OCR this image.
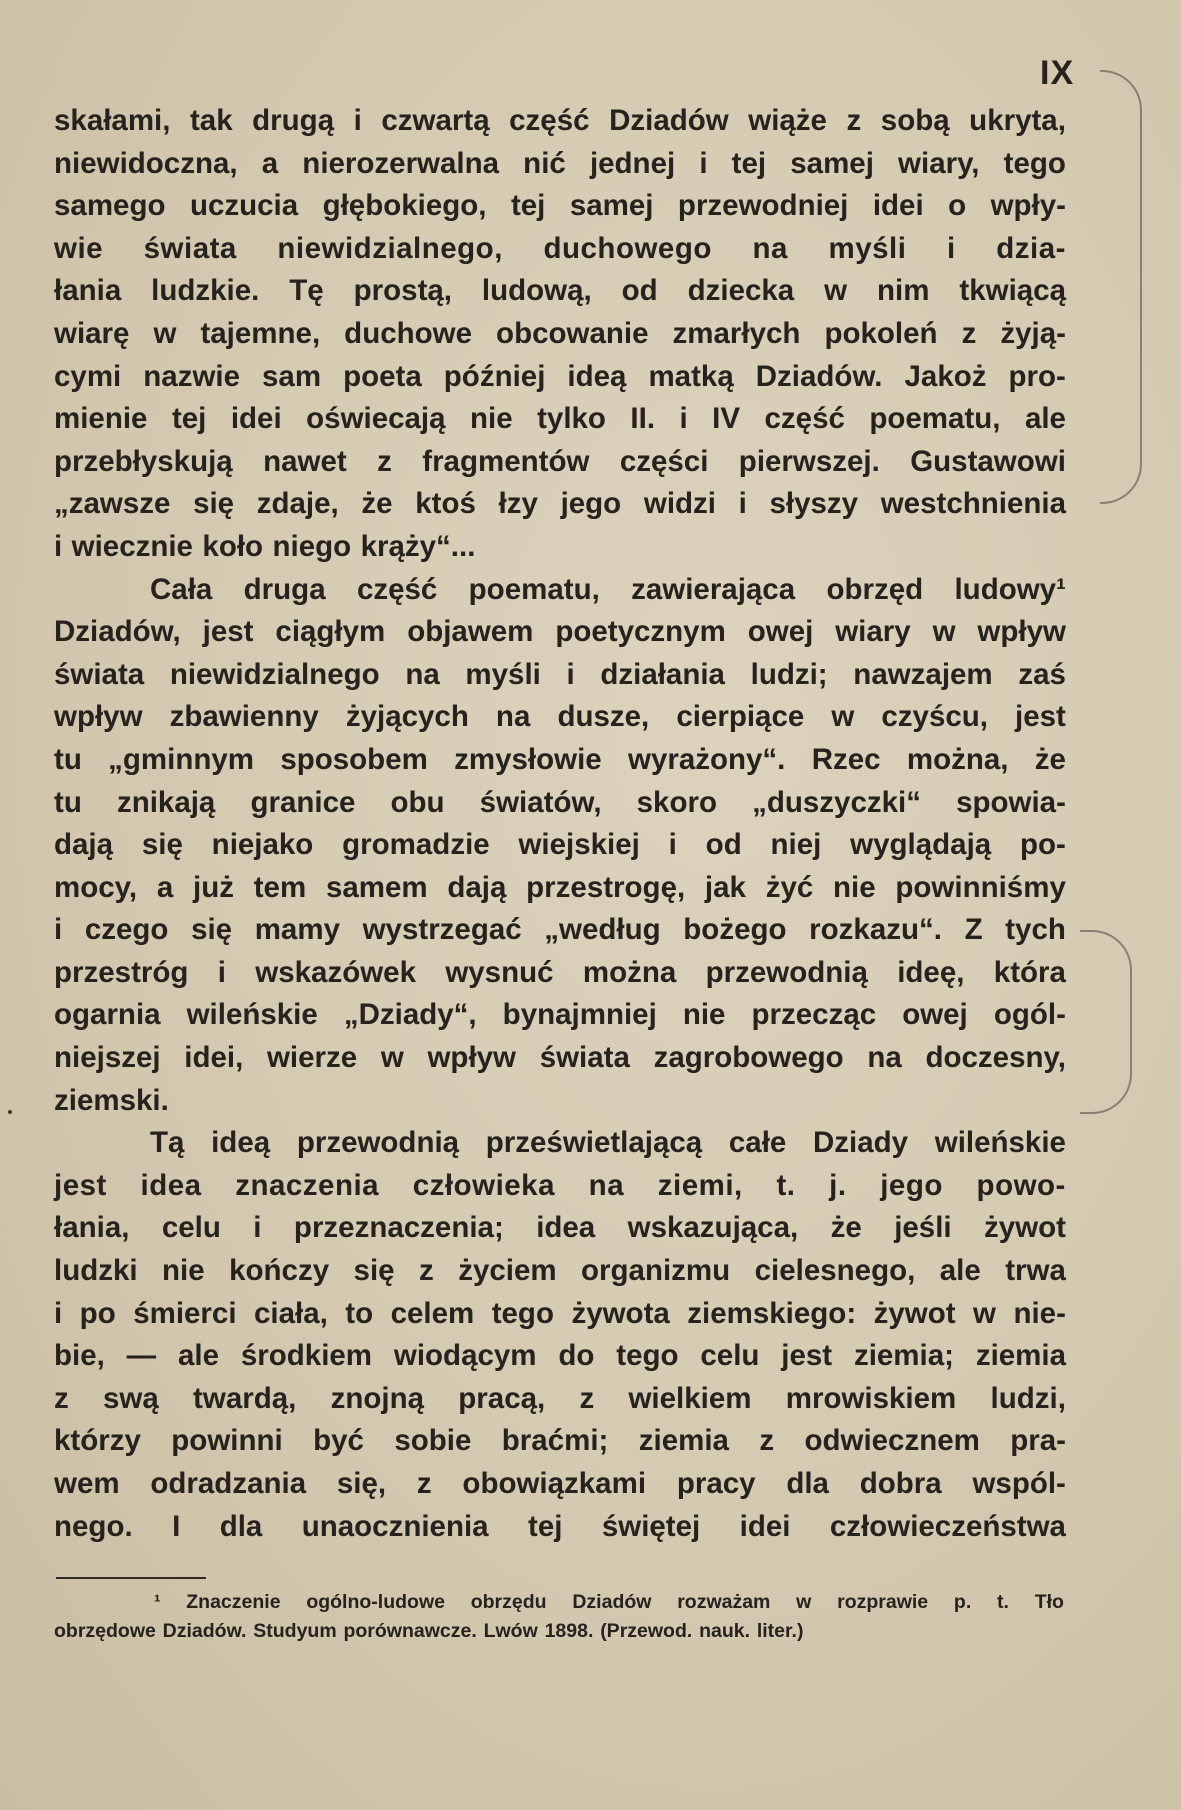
IX
skałami, tak drugą i czwartą część Dziadów wiąże z sobą ukryta,
niewidoczna, a nierozerwalna nić jednej i tej samej wiary, tego
samego uczucia głębokiego, tej samej przewodniej idei o wpły-
wie świata niewidzialnego, duchowego na myśli i dzia-
łania ludzkie. Tę prostą, ludową, od dziecka w nim tkwiącą
wiarę w tajemne, duchowe obcowanie zmarłych pokoleń z żyją-
cymi nazwie sam poeta później ideą matką Dziadów. Jakoż pro-
mienie tej idei oświecają nie tylko II. i IV część poematu, ale
przebłyskują nawet z fragmentów części pierwszej. Gustawowi
„zawsze się zdaje, że ktoś łzy jego widzi i słyszy westchnienia
i wiecznie koło niego krąży“...
Cała druga część poematu, zawierająca obrzęd ludowy¹
Dziadów, jest ciągłym objawem poetycznym owej wiary w wpływ
świata niewidzialnego na myśli i działania ludzi; nawzajem zaś
wpływ zbawienny żyjących na dusze, cierpiące w czyścu, jest
tu „gminnym sposobem zmysłowie wyrażony“. Rzec można, że
tu znikają granice obu światów, skoro „duszyczki“ spowia-
dają się niejako gromadzie wiejskiej i od niej wyglądają po-
mocy, a już tem samem dają przestrogę, jak żyć nie powinniśmy
i czego się mamy wystrzegać „według bożego rozkazu“. Z tych
przestróg i wskazówek wysnuć można przewodnią ideę, która
ogarnia wileńskie „Dziady“, bynajmniej nie przecząc owej ogól-
niejszej idei, wierze w wpływ świata zagrobowego na doczesny,
ziemski.
Tą ideą przewodnią prześwietlającą całe Dziady wileńskie
jest idea znaczenia człowieka na ziemi, t. j. jego powo-
łania, celu i przeznaczenia; idea wskazująca, że jeśli żywot
ludzki nie kończy się z życiem organizmu cielesnego, ale trwa
i po śmierci ciała, to celem tego żywota ziemskiego: żywot w nie-
bie, — ale środkiem wiodącym do tego celu jest ziemia; ziemia
z swą twardą, znojną pracą, z wielkiem mrowiskiem ludzi,
którzy powinni być sobie braćmi; ziemia z odwiecznem pra-
wem odradzania się, z obowiązkami pracy dla dobra wspól-
nego. I dla unaocznienia tej świętej idei człowieczeństwa
¹ Znaczenie ogólno-ludowe obrzędu Dziadów rozważam w rozprawie p. t. Tło
obrzędowe Dziadów. Studyum porównawcze. Lwów 1898. (Przewod. nauk. liter.)
